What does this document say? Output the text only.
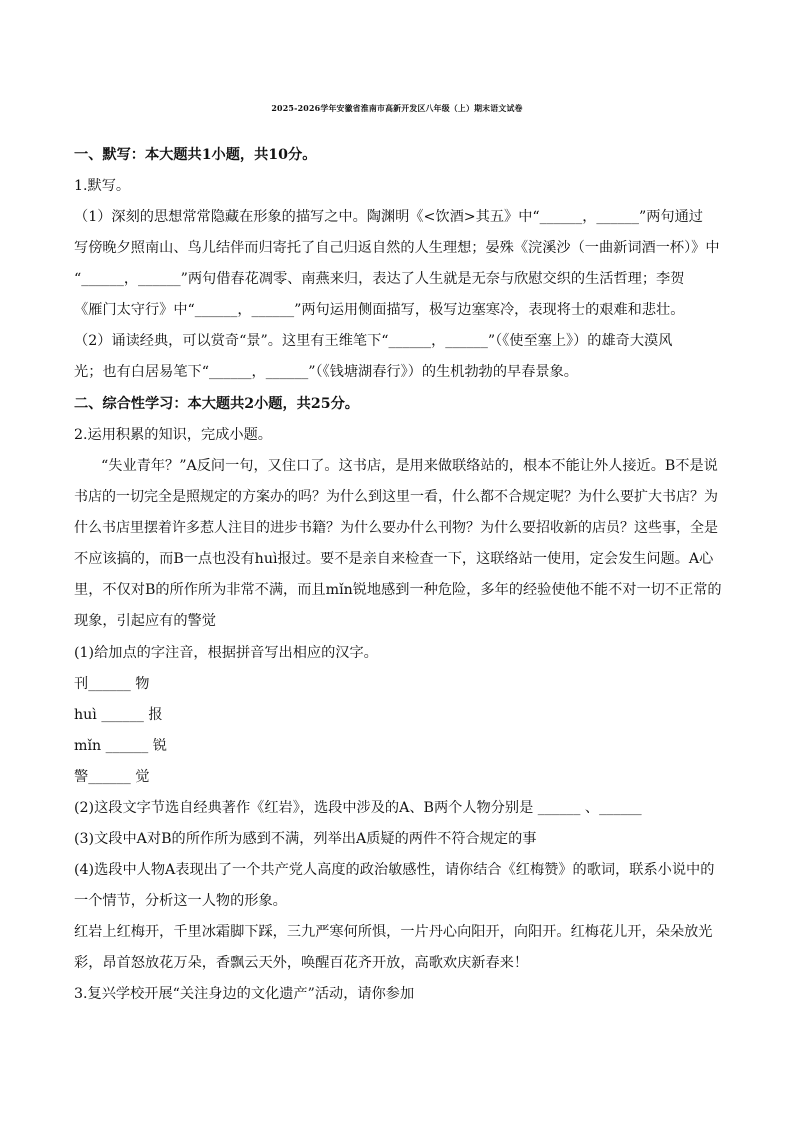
2025-2026学年安徽省淮南市高新开发区八年级（上）期末语文试卷
一、默写：本大题共1小题，共10分。
1.默写。
（1）深刻的思想常常隐藏在形象的描写之中。陶渊明《<饮酒>其五》中“______，______”两句通过
写傍晚夕照南山、鸟儿结伴而归寄托了自己归返自然的人生理想；晏殊《浣溪沙（一曲新词酒一杯）》中
“______，______”两句借春花凋零、南燕来归，表达了人生就是无奈与欣慰交织的生活哲理；李贺
《雁门太守行》中“______，______”两句运用侧面描写，极写边塞寒冷，表现将士的艰难和悲壮。
（2）诵读经典，可以赏奇“景”。这里有王维笔下“______，______”（《使至塞上》）的雄奇大漠风
光；也有白居易笔下“______，______”（《钱塘湖春行》）的生机勃勃的早春景象。
二、综合性学习：本大题共2小题，共25分。
2.运用积累的知识，完成小题。
“失业青年？”A反问一句，又住口了。这书店，是用来做联络站的，根本不能让外人接近。B不是说
书店的一切完全是照规定的方案办的吗？为什么到这里一看，什么都不合规定呢？为什么要扩大书店？为
什么书店里摆着许多惹人注目的进步书籍？为什么要办什么刊物？为什么要招收新的店员？这些事，全是
不应该搞的，而B一点也没有huì报过。要不是亲自来检查一下，这联络站一使用，定会发生问题。A心
里，不仅对B的所作所为非常不满，而且mǐn锐地感到一种危险，多年的经验使他不能不对一切不正常的
现象，引起应有的警觉
(1)给加点的字注音，根据拼音写出相应的汉字。
刊______ 物
huì ______ 报
mǐn ______ 锐
警______ 觉
(2)这段文字节选自经典著作《红岩》，选段中涉及的A、B两个人物分别是 ______ 、______
(3)文段中A对B的所作所为感到不满，列举出A质疑的两件不符合规定的事
(4)选段中人物A表现出了一个共产党人高度的政治敏感性，请你结合《红梅赞》的歌词，联系小说中的
一个情节，分析这一人物的形象。
红岩上红梅开，千里冰霜脚下踩，三九严寒何所惧，一片丹心向阳开，向阳开。红梅花儿开，朵朵放光
彩，昂首怒放花万朵，香飘云天外，唤醒百花齐开放，高歌欢庆新春来！
3.复兴学校开展“关注身边的文化遗产”活动，请你参加
